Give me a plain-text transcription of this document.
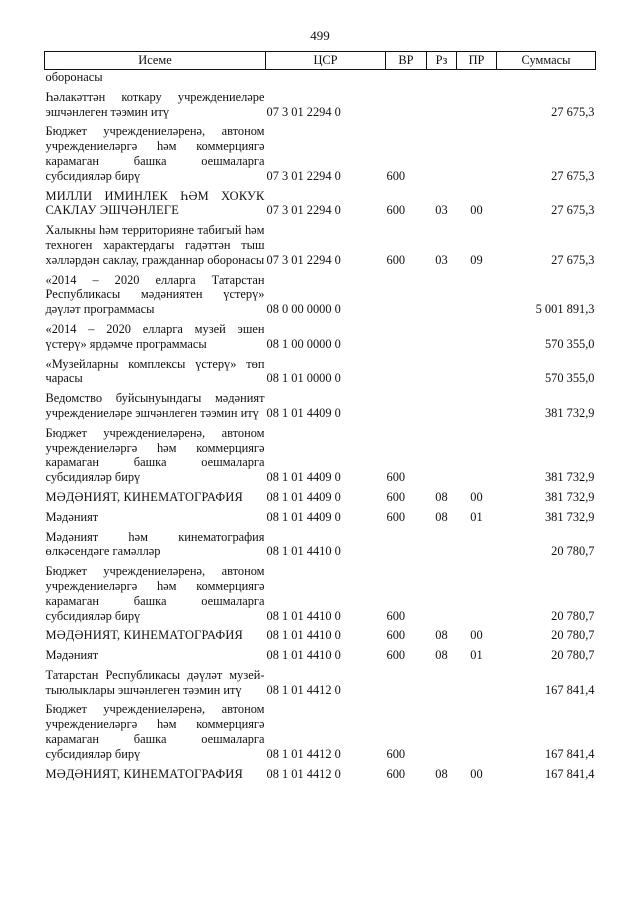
499
Исеме	ЦСР	ВР	Рз	ПР	Суммасы
оборонасы					
Һәлакәттән коткару учреждениеләре эшчәнлеген тәэмин итү	07 3 01 2294 0				27 675,3
Бюджет учреждениеләренә, автоном учреждениеләргә һәм коммерциягә карамаган башка оешмаларга субсидияләр бирү	07 3 01 2294 0	600			27 675,3
МИЛЛИ ИМИНЛЕК ҺӘМ ХОКУК САКЛАУ ЭШЧӘНЛЕГЕ	07 3 01 2294 0	600	03	00	27 675,3
Халыкны һәм территорияне табигый һәм техноген характердагы гадәттән тыш хәлләрдән саклау, гражданнар оборонасы	07 3 01 2294 0	600	03	09	27 675,3
«2014 – 2020 елларга Татарстан Республикасы мәдәниятен үстерү» дәүләт программасы	08 0 00 0000 0				5 001 891,3
«2014 – 2020 елларга музей эшен үстерү» ярдәмче программасы	08 1 00 0000 0				570 355,0
«Музейларны комплексы үстерү» төп чарасы	08 1 01 0000 0				570 355,0
Ведомство буйсынуындагы мәдәният учреждениеләре эшчәнлеген тәэмин итү	08 1 01 4409 0				381 732,9
Бюджет учреждениеләренә, автоном учреждениеләргә һәм коммерциягә карамаган башка оешмаларга субсидияләр бирү	08 1 01 4409 0	600			381 732,9
МӘДӘНИЯТ, КИНЕМАТОГРАФИЯ	08 1 01 4409 0	600	08	00	381 732,9
Мәдәният	08 1 01 4409 0	600	08	01	381 732,9
Мәдәният һәм кинематография өлкәсендәге гамәлләр	08 1 01 4410 0				20 780,7
Бюджет учреждениеләренә, автоном учреждениеләргә һәм коммерциягә карамаган башка оешмаларга субсидияләр бирү	08 1 01 4410 0	600			20 780,7
МӘДӘНИЯТ, КИНЕМАТОГРАФИЯ	08 1 01 4410 0	600	08	00	20 780,7
Мәдәният	08 1 01 4410 0	600	08	01	20 780,7
Татарстан Республикасы дәүләт музей-тыюлыклары эшчәнлеген тәэмин итү	08 1 01 4412 0				167 841,4
Бюджет учреждениеләренә, автоном учреждениеләргә һәм коммерциягә карамаган башка оешмаларга субсидияләр бирү	08 1 01 4412 0	600			167 841,4
МӘДӘНИЯТ, КИНЕМАТОГРАФИЯ	08 1 01 4412 0	600	08	00	167 841,4
